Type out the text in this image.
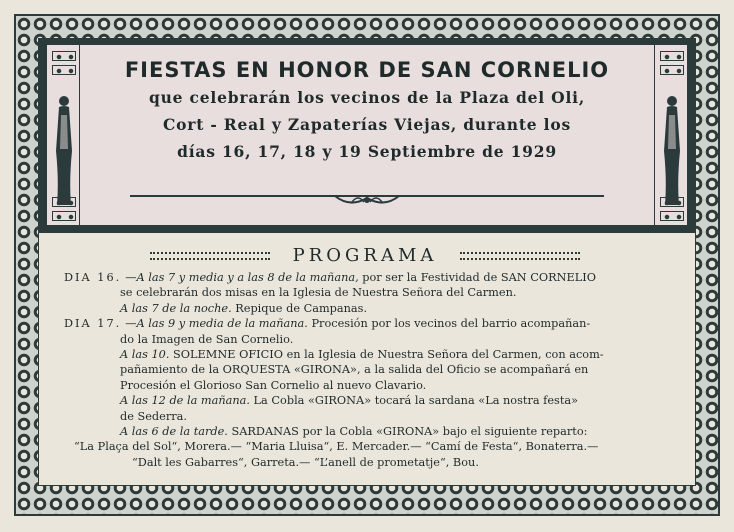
FIESTAS EN HONOR DE SAN CORNELIO
que celebrarán los vecinos de la Plaza del Oli,
Cort - Real y Zapaterías Viejas, durante los
días 16, 17, 18 y 19 Septiembre de 1929
PROGRAMA
DIA 16. —A las 7 y media y a las 8 de la mañana, por ser la Festividad de SAN CORNELIO
se celebrarán dos misas en la Iglesia de Nuestra Señora del Carmen.
A las 7 de la noche. Repique de Campanas.
DIA 17. —A las 9 y media de la mañana. Procesión por los vecinos del barrio acompañan-
do la Imagen de San Cornelio.
A las 10. SOLEMNE OFICIO en la Iglesia de Nuestra Señora del Carmen, con acom-
pañamiento de la ORQUESTA «GIRONA», a la salida del Oficio se acompañará en
Procesión el Glorioso San Cornelio al nuevo Clavario.
A las 12 de la mañana. La Cobla «GIRONA» tocará la sardana «La nostra festa»
de Sederra.
A las 6 de la tarde. SARDANAS por la Cobla «GIRONA» bajo el siguiente reparto:
“La Plaça del Sol“, Morera.— “Maria Lluisa“, E. Mercader.— “Camí de Festa“, Bonaterra.—
“Dalt les Gabarres“, Garreta.— “L’anell de prometatje“, Bou.
